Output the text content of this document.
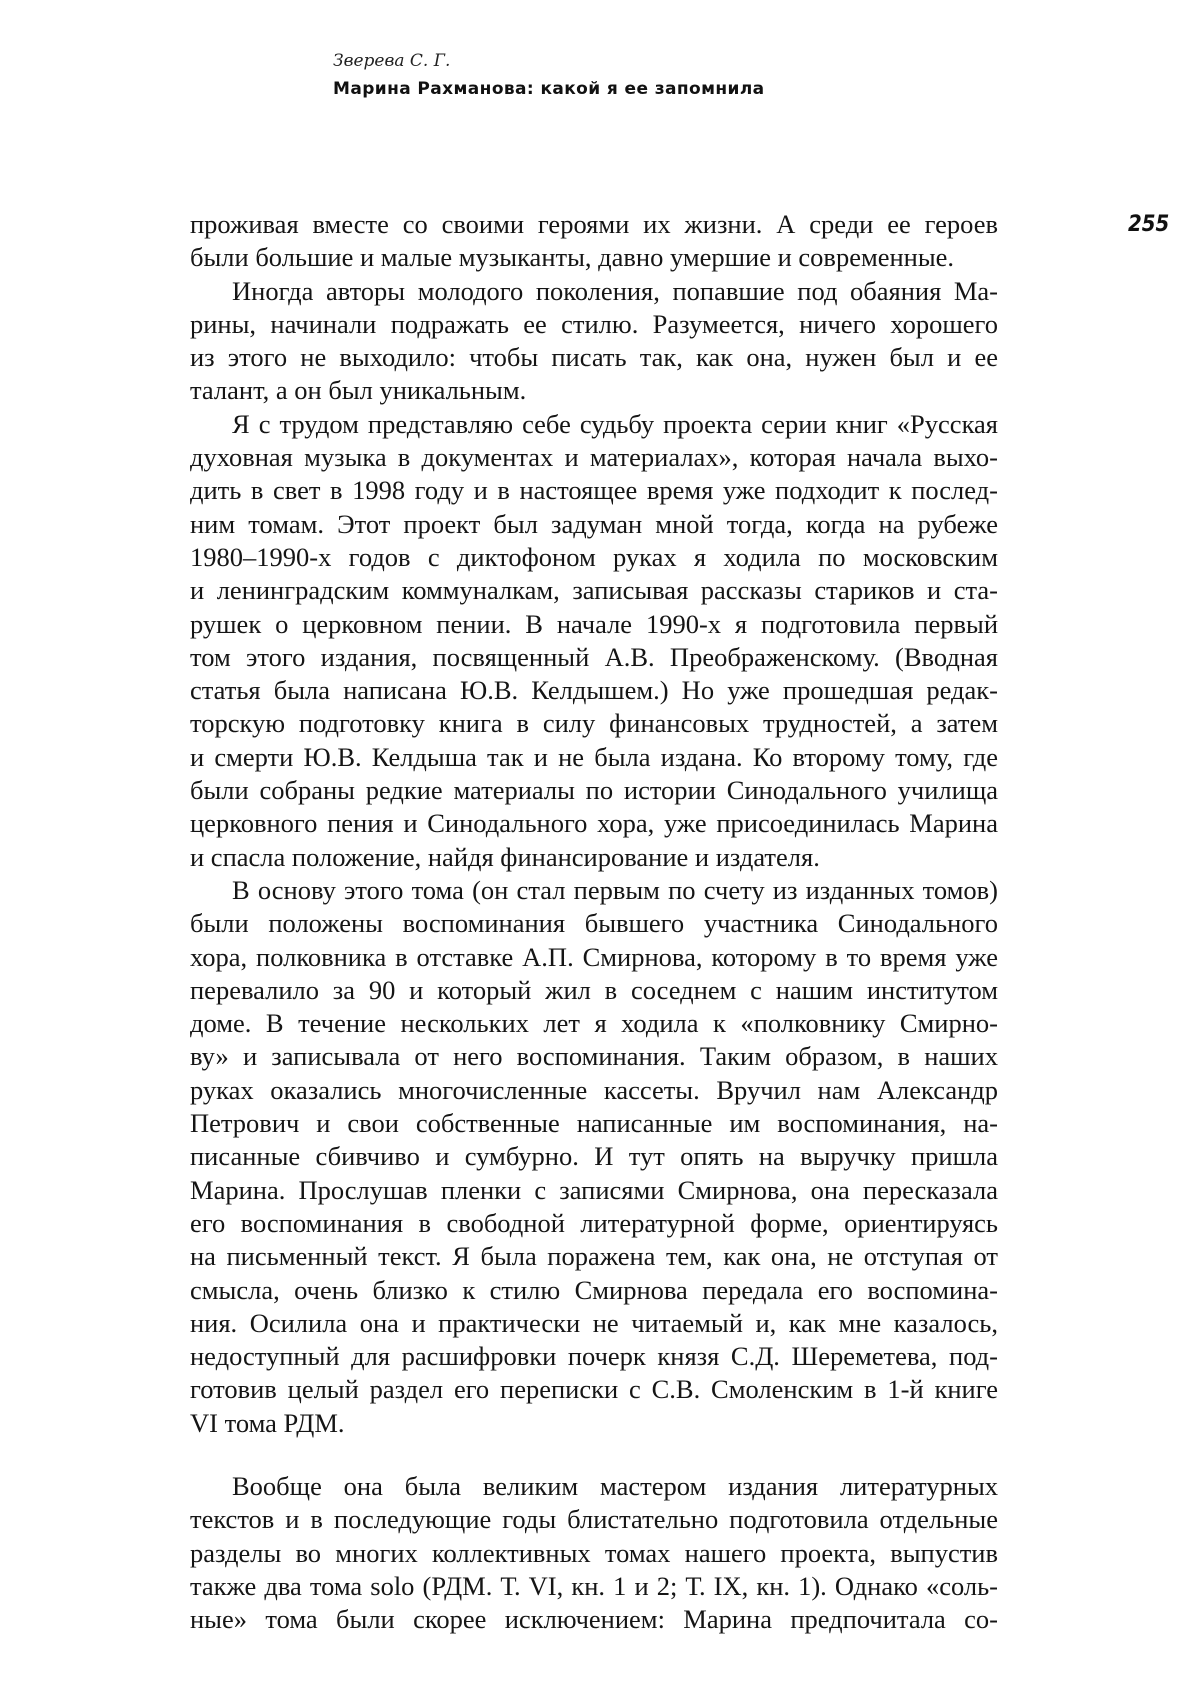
Зверева С. Г.
Марина Рахманова: какой я ее запомнила
255
проживая вместе со своими героями их жизни. А среди ее героев
были большие и малые музыканты, давно умершие и современные.
Иногда авторы молодого поколения, попавшие под обаяния Ма-
рины, начинали подражать ее стилю. Разумеется, ничего хорошего
из этого не выходило: чтобы писать так, как она, нужен был и ее
талант, а он был уникальным.
Я с трудом представляю себе судьбу проекта серии книг «Русская
духовная музыка в документах и материалах», которая начала выхо-
дить в свет в 1998 году и в настоящее время уже подходит к послед-
ним томам. Этот проект был задуман мной тогда, когда на рубеже
1980–1990-х годов с диктофоном руках я ходила по московским
и ленинградским коммуналкам, записывая рассказы стариков и ста-
рушек о церковном пении. В начале 1990-х я подготовила первый
том этого издания, посвященный А.В. Преображенскому. (Вводная
статья была написана Ю.В. Келдышем.) Но уже прошедшая редак-
торскую подготовку книга в силу финансовых трудностей, а затем
и смерти Ю.В. Келдыша так и не была издана. Ко второму тому, где
были собраны редкие материалы по истории Синодального училища
церковного пения и Синодального хора, уже присоединилась Марина
и спасла положение, найдя финансирование и издателя.
В основу этого тома (он стал первым по счету из изданных томов)
были положены воспоминания бывшего участника Синодального
хора, полковника в отставке А.П. Смирнова, которому в то время уже
перевалило за 90 и который жил в соседнем с нашим институтом
доме. В течение нескольких лет я ходила к «полковнику Смирно-
ву» и записывала от него воспоминания. Таким образом, в наших
руках оказались многочисленные кассеты. Вручил нам Александр
Петрович и свои собственные написанные им воспоминания, на-
писанные сбивчиво и сумбурно. И тут опять на выручку пришла
Марина. Прослушав пленки с записями Смирнова, она пересказала
его воспоминания в свободной литературной форме, ориентируясь
на письменный текст. Я была поражена тем, как она, не отступая от
смысла, очень близко к стилю Смирнова передала его воспомина-
ния. Осилила она и практически не читаемый и, как мне казалось,
недоступный для расшифровки почерк князя С.Д. Шереметева, под-
готовив целый раздел его переписки с С.В. Смоленским в 1-й книге
VI тома РДМ.
Вообще она была великим мастером издания литературных
текстов и в последующие годы блистательно подготовила отдельные
разделы во многих коллективных томах нашего проекта, выпустив
также два тома solo (РДМ. Т. VI, кн. 1 и 2; Т. IX, кн. 1). Однако «соль-
ные» тома были скорее исключением: Марина предпочитала со-
